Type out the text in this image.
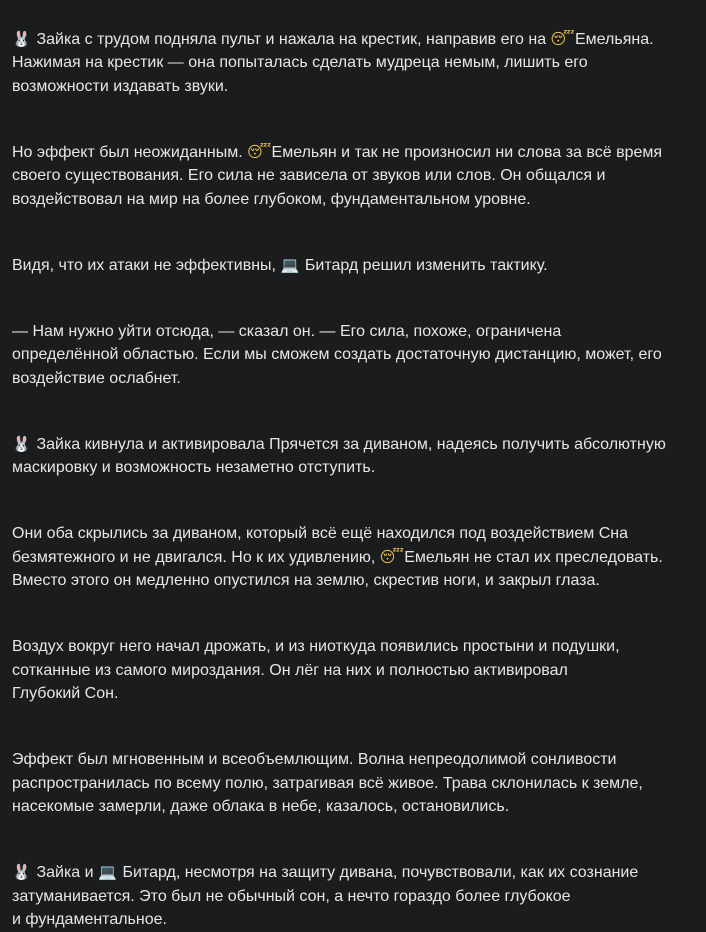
🐰 Зайка с трудом подняла пульт и нажала на крестик, направив его на 😴 Емельяна.
Нажимая на крестик — она попыталась сделать мудреца немым, лишить его
возможности издавать звуки.

Но эффект был неожиданным. 😴 Емельян и так не произносил ни слова за всё время
своего существования. Его сила не зависела от звуков или слов. Он общался и
воздействовал на мир на более глубоком, фундаментальном уровне.

Видя, что их атаки не эффективны, 💻 Битард решил изменить тактику.

— Нам нужно уйти отсюда, — сказал он. — Его сила, похоже, ограничена
определённой областью. Если мы сможем создать достаточную дистанцию, может, его
воздействие ослабнет.

🐰 Зайка кивнула и активировала Прячется за диваном, надеясь получить абсолютную
маскировку и возможность незаметно отступить.

Они оба скрылись за диваном, который всё ещё находился под воздействием Сна
безмятежного и не двигался. Но к их удивлению, 😴 Емельян не стал их преследовать.
Вместо этого он медленно опустился на землю, скрестив ноги, и закрыл глаза.

Воздух вокруг него начал дрожать, и из ниоткуда появились простыни и подушки,
сотканные из самого мироздания. Он лёг на них и полностью активировал
Глубокий Сон.

Эффект был мгновенным и всеобъемлющим. Волна непреодолимой сонливости
распространилась по всему полю, затрагивая всё живое. Трава склонилась к земле,
насекомые замерли, даже облака в небе, казалось, остановились.

🐰 Зайка и 💻 Битард, несмотря на защиту дивана, почувствовали, как их сознание
затуманивается. Это был не обычный сон, а нечто гораздо более глубокое
и фундаментальное.
